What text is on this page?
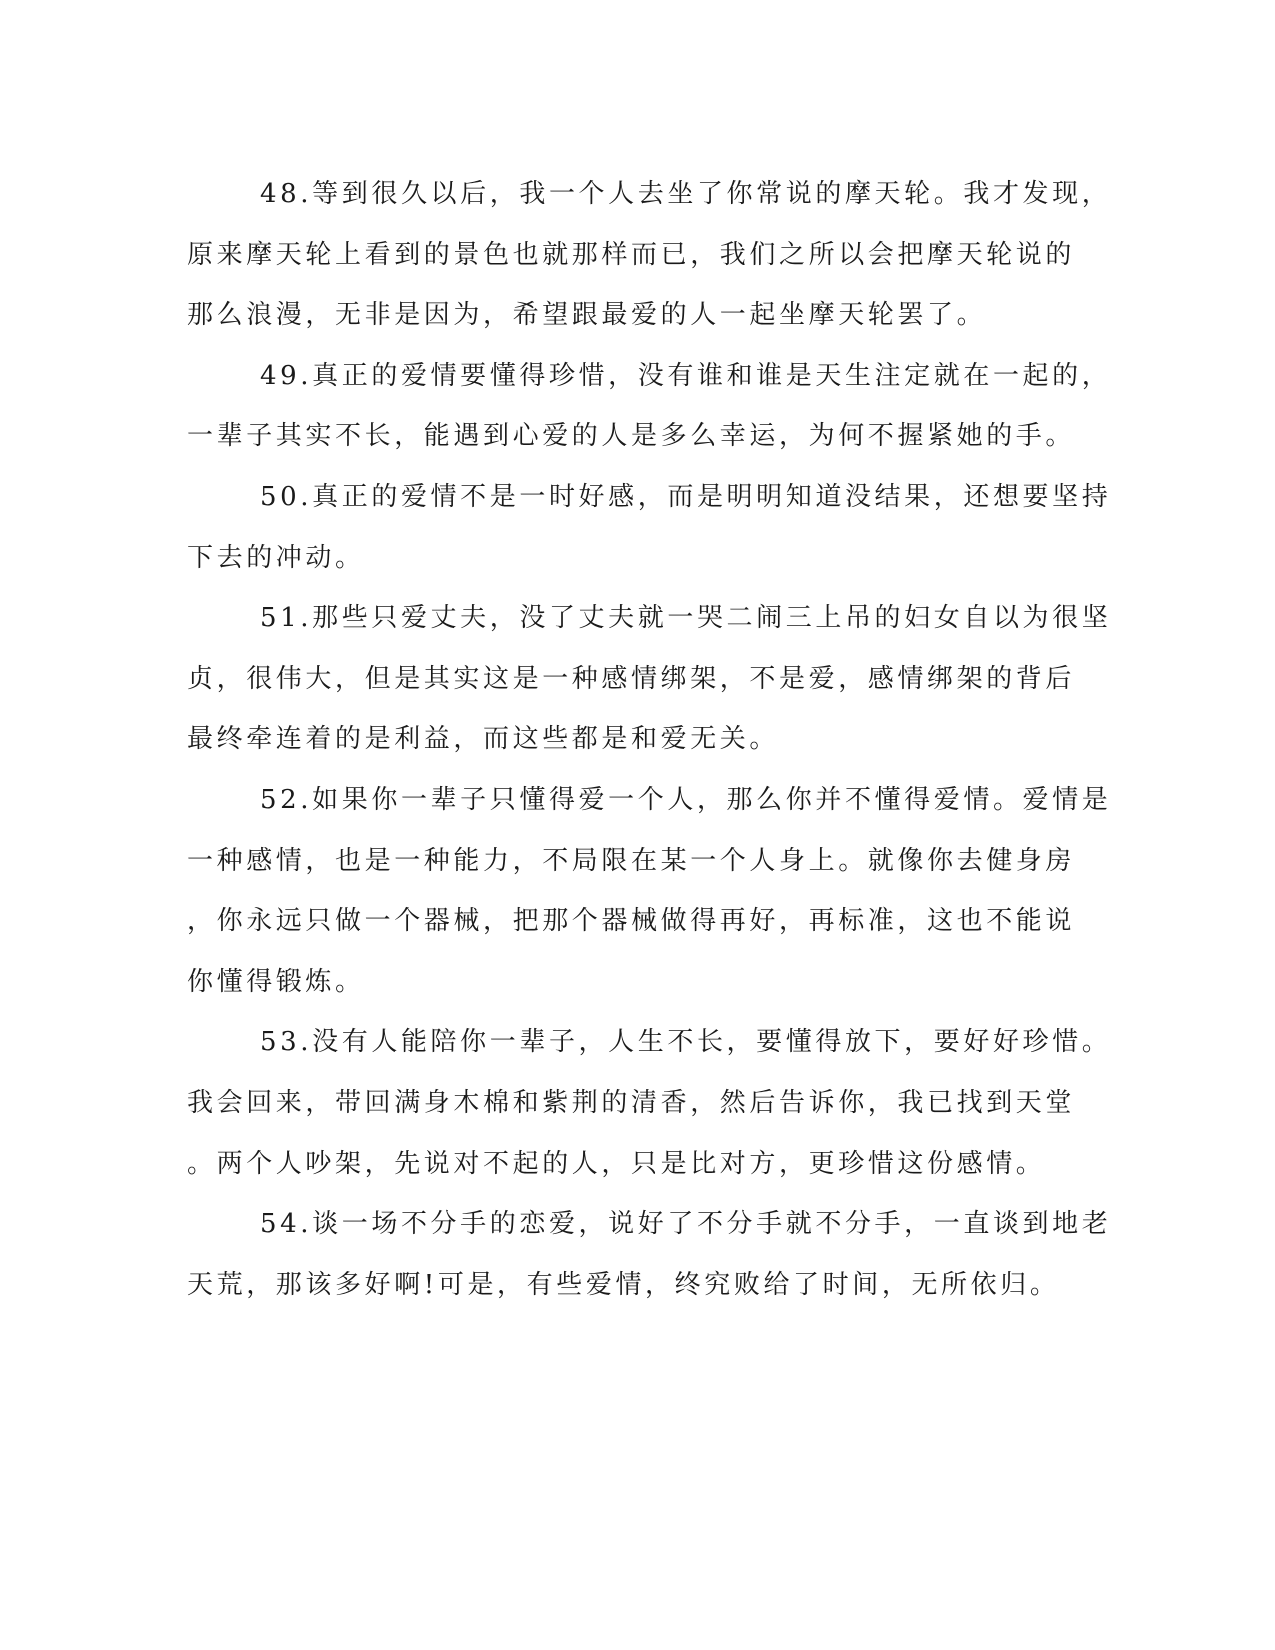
48.等到很久以后，我一个人去坐了你常说的摩天轮。我才发现，
原来摩天轮上看到的景色也就那样而已，我们之所以会把摩天轮说的
那么浪漫，无非是因为，希望跟最爱的人一起坐摩天轮罢了。
49.真正的爱情要懂得珍惜，没有谁和谁是天生注定就在一起的，
一辈子其实不长，能遇到心爱的人是多么幸运，为何不握紧她的手。
50.真正的爱情不是一时好感，而是明明知道没结果，还想要坚持
下去的冲动。
51.那些只爱丈夫，没了丈夫就一哭二闹三上吊的妇女自以为很坚
贞，很伟大，但是其实这是一种感情绑架，不是爱，感情绑架的背后
最终牵连着的是利益，而这些都是和爱无关。
52.如果你一辈子只懂得爱一个人，那么你并不懂得爱情。爱情是
一种感情，也是一种能力，不局限在某一个人身上。就像你去健身房
，你永远只做一个器械，把那个器械做得再好，再标准，这也不能说
你懂得锻炼。
53.没有人能陪你一辈子，人生不长，要懂得放下，要好好珍惜。
我会回来，带回满身木棉和紫荆的清香，然后告诉你，我已找到天堂
。两个人吵架，先说对不起的人，只是比对方，更珍惜这份感情。
54.谈一场不分手的恋爱，说好了不分手就不分手，一直谈到地老
天荒，那该多好啊!可是，有些爱情，终究败给了时间，无所依归。
